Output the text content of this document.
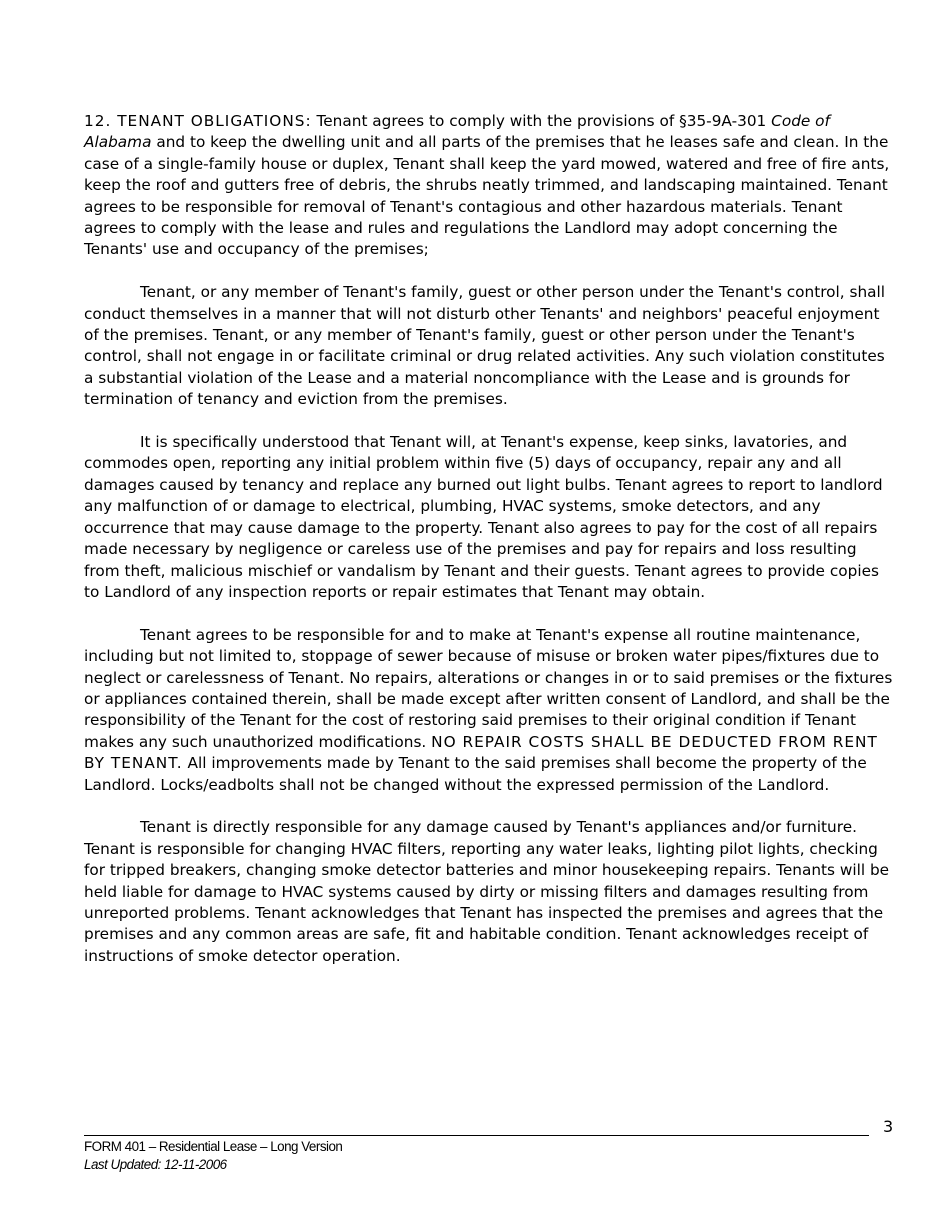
12. TENANT OBLIGATIONS: Tenant agrees to comply with the provisions of §35-9A-301 Code of Alabama and to keep the dwelling unit and all parts of the premises that he leases safe and clean. In the case of a single-family house or duplex, Tenant shall keep the yard mowed, watered and free of fire ants, keep the roof and gutters free of debris, the shrubs neatly trimmed, and landscaping maintained. Tenant agrees to be responsible for removal of Tenant's contagious and other hazardous materials. Tenant agrees to comply with the lease and rules and regulations the Landlord may adopt concerning the Tenants' use and occupancy of the premises;

Tenant, or any member of Tenant's family, guest or other person under the Tenant's control, shall conduct themselves in a manner that will not disturb other Tenants' and neighbors' peaceful enjoyment of the premises. Tenant, or any member of Tenant's family, guest or other person under the Tenant's control, shall not engage in or facilitate criminal or drug related activities. Any such violation constitutes a substantial violation of the Lease and a material noncompliance with the Lease and is grounds for termination of tenancy and eviction from the premises.

It is specifically understood that Tenant will, at Tenant's expense, keep sinks, lavatories, and commodes open, reporting any initial problem within five (5) days of occupancy, repair any and all damages caused by tenancy and replace any burned out light bulbs. Tenant agrees to report to landlord any malfunction of or damage to electrical, plumbing, HVAC systems, smoke detectors, and any occurrence that may cause damage to the property. Tenant also agrees to pay for the cost of all repairs made necessary by negligence or careless use of the premises and pay for repairs and loss resulting from theft, malicious mischief or vandalism by Tenant and their guests. Tenant agrees to provide copies to Landlord of any inspection reports or repair estimates that Tenant may obtain.

Tenant agrees to be responsible for and to make at Tenant's expense all routine maintenance, including but not limited to, stoppage of sewer because of misuse or broken water pipes/fixtures due to neglect or carelessness of Tenant. No repairs, alterations or changes in or to said premises or the fixtures or appliances contained therein, shall be made except after written consent of Landlord, and shall be the responsibility of the Tenant for the cost of restoring said premises to their original condition if Tenant makes any such unauthorized modifications. NO REPAIR COSTS SHALL BE DEDUCTED FROM RENT BY TENANT. All improvements made by Tenant to the said premises shall become the property of the Landlord. Locks/eadbolts shall not be changed without the expressed permission of the Landlord.

Tenant is directly responsible for any damage caused by Tenant's appliances and/or furniture. Tenant is responsible for changing HVAC filters, reporting any water leaks, lighting pilot lights, checking for tripped breakers, changing smoke detector batteries and minor housekeeping repairs. Tenants will be held liable for damage to HVAC systems caused by dirty or missing filters and damages resulting from unreported problems. Tenant acknowledges that Tenant has inspected the premises and agrees that the premises and any common areas are safe, fit and habitable condition. Tenant acknowledges receipt of instructions of smoke detector operation.

3
FORM 401 – Residential Lease – Long Version
Last Updated: 12-11-2006
